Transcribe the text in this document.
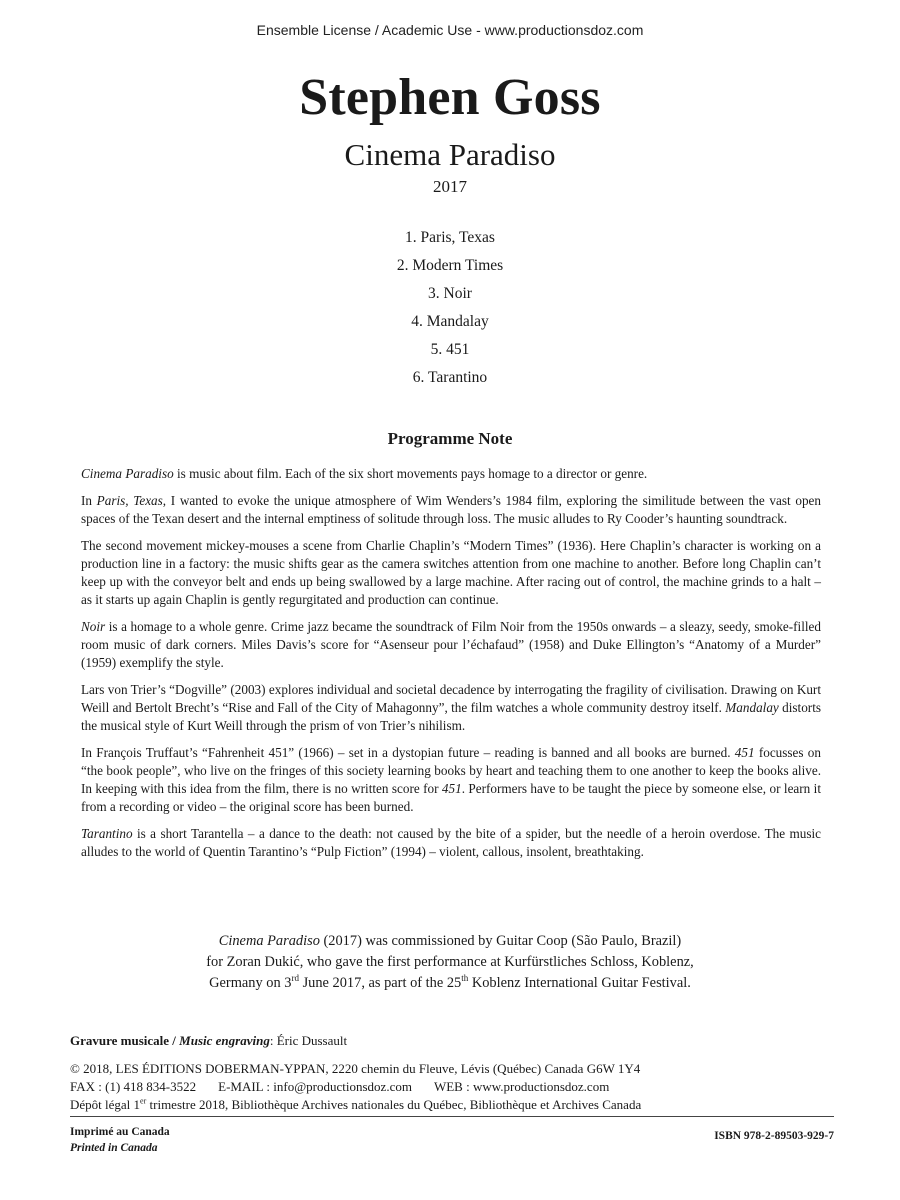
Ensemble License / Academic Use - www.productionsdoz.com
Stephen Goss
Cinema Paradiso
2017
1. Paris, Texas
2. Modern Times
3. Noir
4. Mandalay
5. 451
6. Tarantino
Programme Note

Cinema Paradiso is music about film. Each of the six short movements pays homage to a director or genre.

In Paris, Texas, I wanted to evoke the unique atmosphere of Wim Wenders’s 1984 film, exploring the similitude between the vast open spaces of the Texan desert and the internal emptiness of solitude through loss. The music alludes to Ry Cooder’s haunting soundtrack.

The second movement mickey-mouses a scene from Charlie Chaplin’s “Modern Times” (1936). Here Chaplin’s character is working on a production line in a factory: the music shifts gear as the camera switches attention from one machine to another. Before long Chaplin can’t keep up with the conveyor belt and ends up being swallowed by a large machine. After racing out of control, the machine grinds to a halt – as it starts up again Chaplin is gently regurgitated and production can continue.

Noir is a homage to a whole genre. Crime jazz became the soundtrack of Film Noir from the 1950s onwards – a sleazy, seedy, smoke-filled room music of dark corners. Miles Davis’s score for “Asenseur pour l’échafaud” (1958) and Duke Ellington’s “Anatomy of a Murder” (1959) exemplify the style.

Lars von Trier’s “Dogville” (2003) explores individual and societal decadence by interrogating the fragility of civilisation. Drawing on Kurt Weill and Bertolt Brecht’s “Rise and Fall of the City of Mahagonny”, the film watches a whole community destroy itself. Mandalay distorts the musical style of Kurt Weill through the prism of von Trier’s nihilism.

In François Truffaut’s “Fahrenheit 451” (1966) – set in a dystopian future – reading is banned and all books are burned. 451 focusses on “the book people”, who live on the fringes of this society learning books by heart and teaching them to one another to keep the books alive. In keeping with this idea from the film, there is no written score for 451. Performers have to be taught the piece by someone else, or learn it from a recording or video – the original score has been burned.

Tarantino is a short Tarantella – a dance to the death: not caused by the bite of a spider, but the needle of a heroin overdose. The music alludes to the world of Quentin Tarantino’s “Pulp Fiction” (1994) – violent, callous, insolent, breathtaking.

Cinema Paradiso (2017) was commissioned by Guitar Coop (São Paulo, Brazil)
for Zoran Dukić, who gave the first performance at Kurfürstliches Schloss, Koblenz,
Germany on 3rd June 2017, as part of the 25th Koblenz International Guitar Festival.
Gravure musicale / Music engraving: Éric Dussault
© 2018, LES ÉDITIONS DOBERMAN-YPPAN, 2220 chemin du Fleuve, Lévis (Québec) Canada G6W 1Y4
FAX : (1) 418 834-3522 E-MAIL : info@productionsdoz.com WEB : www.productionsdoz.com
Dépôt légal 1er trimestre 2018, Bibliothèque Archives nationales du Québec, Bibliothèque et Archives Canada
Imprimé au Canada
Printed in Canada
ISBN 978-2-89503-929-7
